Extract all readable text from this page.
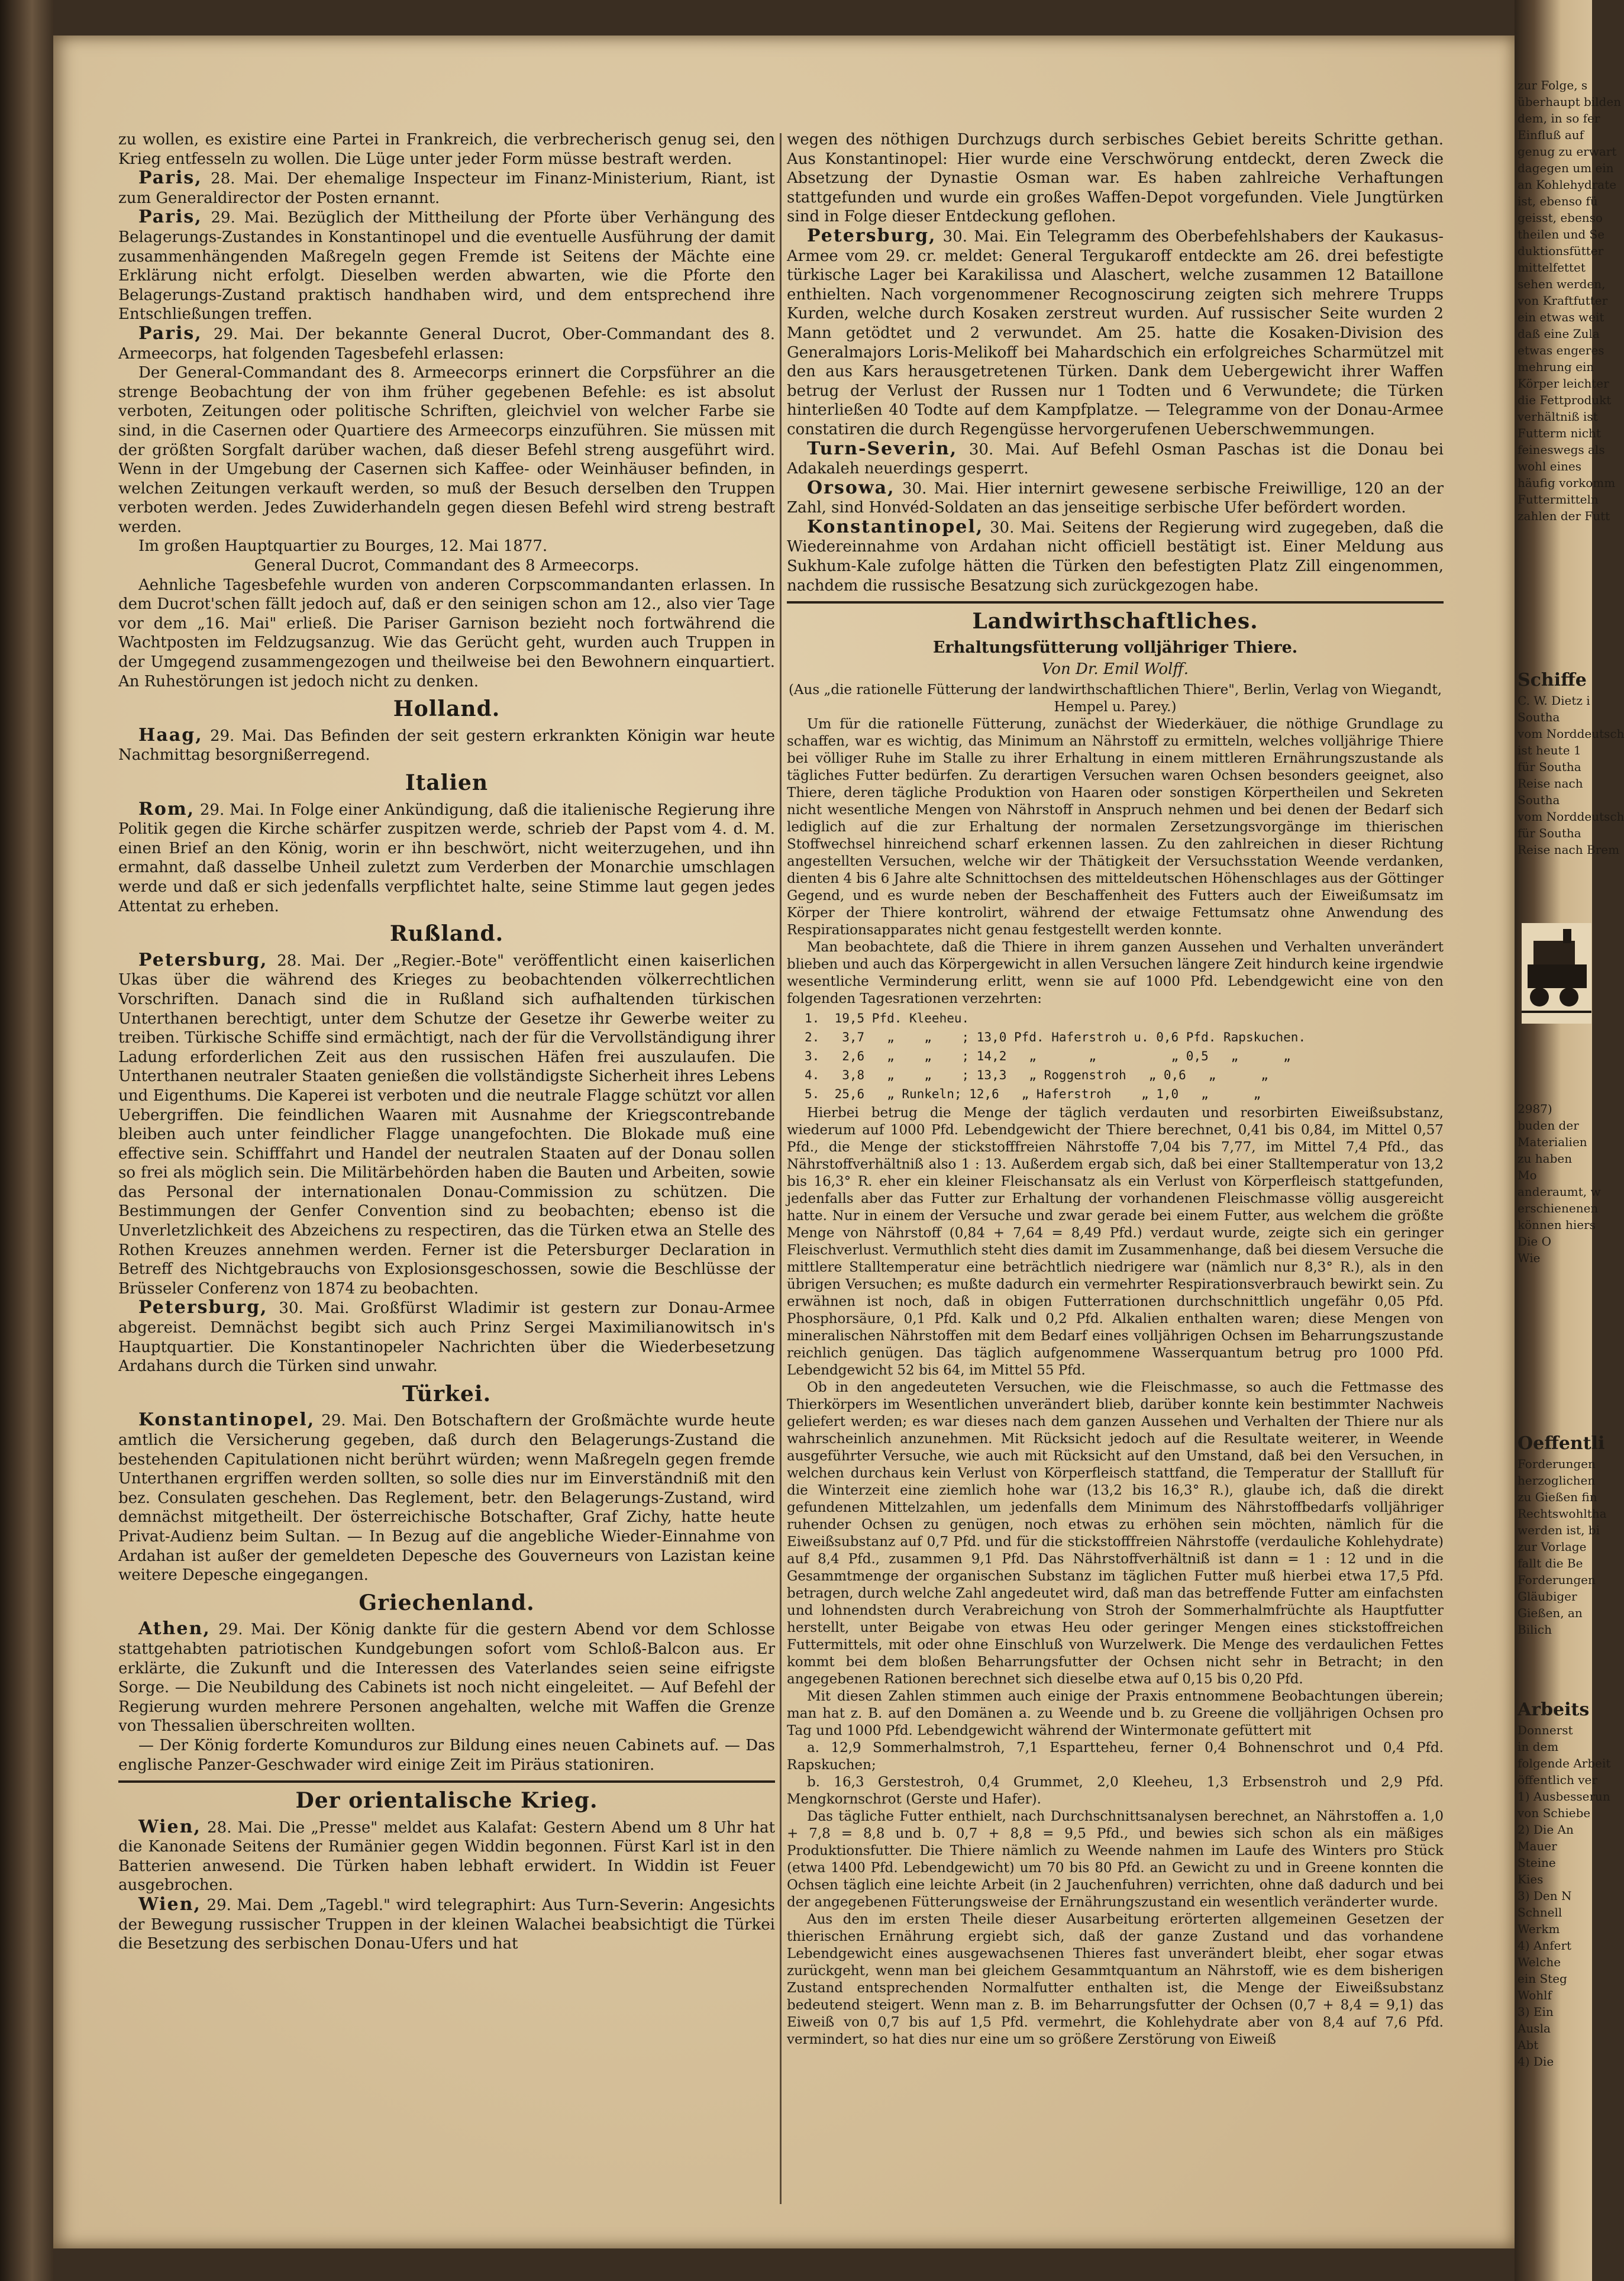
zu wollen, es existire eine Partei in Frankreich, die verbrecherisch genug sei, den Krieg entfesseln zu wollen. Die Lüge unter jeder Form müsse bestraft werden.
Paris, 28. Mai. Der ehemalige Inspecteur im Finanz-Ministerium, Riant, ist zum Generaldirector der Posten ernannt.
Paris, 29. Mai. Bezüglich der Mittheilung der Pforte über Verhängung des Belagerungs-Zustandes in Konstantinopel und die eventuelle Ausführung der damit zusammenhängenden Maßregeln gegen Fremde ist Seitens der Mächte eine Erklärung nicht erfolgt. Dieselben werden abwarten, wie die Pforte den Belagerungs-Zustand praktisch handhaben wird, und dem entsprechend ihre Entschließungen treffen.
Paris, 29. Mai. Der bekannte General Ducrot, Ober-Commandant des 8. Armeecorps, hat folgenden Tagesbefehl erlassen:
Der General-Commandant des 8. Armeecorps erinnert die Corpsführer an die strenge Beobachtung der von ihm früher gegebenen Befehle: es ist absolut verboten, Zeitungen oder politische Schriften, gleichviel von welcher Farbe sie sind, in die Casernen oder Quartiere des Armeecorps einzuführen. Sie müssen mit der größten Sorgfalt darüber wachen, daß dieser Befehl streng ausgeführt wird. Wenn in der Umgebung der Casernen sich Kaffee- oder Weinhäuser befinden, in welchen Zeitungen verkauft werden, so muß der Besuch derselben den Truppen verboten werden. Jedes Zuwiderhandeln gegen diesen Befehl wird streng bestraft werden.
Im großen Hauptquartier zu Bourges, 12. Mai 1877.
General Ducrot, Commandant des 8 Armeecorps.
Aehnliche Tagesbefehle wurden von anderen Corpscommandanten erlassen. In dem Ducrot'schen fällt jedoch auf, daß er den seinigen schon am 12., also vier Tage vor dem „16. Mai" erließ. Die Pariser Garnison bezieht noch fortwährend die Wachtposten im Feldzugsanzug. Wie das Gerücht geht, wurden auch Truppen in der Umgegend zusammengezogen und theilweise bei den Bewohnern einquartiert. An Ruhestörungen ist jedoch nicht zu denken.
Holland.
Haag, 29. Mai. Das Befinden der seit gestern erkrankten Königin war heute Nachmittag besorgnißerregend.
Italien
Rom, 29. Mai. In Folge einer Ankündigung, daß die italienische Regierung ihre Politik gegen die Kirche schärfer zuspitzen werde, schrieb der Papst vom 4. d. M. einen Brief an den König, worin er ihn beschwört, nicht weiterzugehen, und ihn ermahnt, daß dasselbe Unheil zuletzt zum Verderben der Monarchie umschlagen werde und daß er sich jedenfalls verpflichtet halte, seine Stimme laut gegen jedes Attentat zu erheben.
Rußland.
Petersburg, 28. Mai. Der „Regier.-Bote" veröffentlicht einen kaiserlichen Ukas über die während des Krieges zu beobachtenden völkerrechtlichen Vorschriften. Danach sind die in Rußland sich aufhaltenden türkischen Unterthanen berechtigt, unter dem Schutze der Gesetze ihr Gewerbe weiter zu treiben. Türkische Schiffe sind ermächtigt, nach der für die Vervollständigung ihrer Ladung erforderlichen Zeit aus den russischen Häfen frei auszulaufen. Die Unterthanen neutraler Staaten genießen die vollständigste Sicherheit ihres Lebens und Eigenthums. Die Kaperei ist verboten und die neutrale Flagge schützt vor allen Uebergriffen. Die feindlichen Waaren mit Ausnahme der Kriegscontrebande bleiben auch unter feindlicher Flagge unangefochten. Die Blokade muß eine effective sein. Schifffahrt und Handel der neutralen Staaten auf der Donau sollen so frei als möglich sein. Die Militärbehörden haben die Bauten und Arbeiten, sowie das Personal der internationalen Donau-Commission zu schützen. Die Bestimmungen der Genfer Convention sind zu beobachten; ebenso ist die Unverletzlichkeit des Abzeichens zu respectiren, das die Türken etwa an Stelle des Rothen Kreuzes annehmen werden. Ferner ist die Petersburger Declaration in Betreff des Nichtgebrauchs von Explosionsgeschossen, sowie die Beschlüsse der Brüsseler Conferenz von 1874 zu beobachten.
Petersburg, 30. Mai. Großfürst Wladimir ist gestern zur Donau-Armee abgereist. Demnächst begibt sich auch Prinz Sergei Maximilianowitsch in's Hauptquartier. Die Konstantinopeler Nachrichten über die Wiederbesetzung Ardahans durch die Türken sind unwahr.
Türkei.
Konstantinopel, 29. Mai. Den Botschaftern der Großmächte wurde heute amtlich die Versicherung gegeben, daß durch den Belagerungs-Zustand die bestehenden Capitulationen nicht berührt würden; wenn Maßregeln gegen fremde Unterthanen ergriffen werden sollten, so solle dies nur im Einverständniß mit den bez. Consulaten geschehen. Das Reglement, betr. den Belagerungs-Zustand, wird demnächst mitgetheilt. Der österreichische Botschafter, Graf Zichy, hatte heute Privat-Audienz beim Sultan. — In Bezug auf die angebliche Wieder-Einnahme von Ardahan ist außer der gemeldeten Depesche des Gouverneurs von Lazistan keine weitere Depesche eingegangen.
Griechenland.
Athen, 29. Mai. Der König dankte für die gestern Abend vor dem Schlosse stattgehabten patriotischen Kundgebungen sofort vom Schloß-Balcon aus. Er erklärte, die Zukunft und die Interessen des Vaterlandes seien seine eifrigste Sorge. — Die Neubildung des Cabinets ist noch nicht eingeleitet. — Auf Befehl der Regierung wurden mehrere Personen angehalten, welche mit Waffen die Grenze von Thessalien überschreiten wollten.
— Der König forderte Komunduros zur Bildung eines neuen Cabinets auf. — Das englische Panzer-Geschwader wird einige Zeit im Piräus stationiren.
Der orientalische Krieg.
Wien, 28. Mai. Die „Presse" meldet aus Kalafat: Gestern Abend um 8 Uhr hat die Kanonade Seitens der Rumänier gegen Widdin begonnen. Fürst Karl ist in den Batterien anwesend. Die Türken haben lebhaft erwidert. In Widdin ist Feuer ausgebrochen.
Wien, 29. Mai. Dem „Tagebl." wird telegraphirt: Aus Turn-Severin: Angesichts der Bewegung russischer Truppen in der kleinen Walachei beabsichtigt die Türkei die Besetzung des serbischen Donau-Ufers und hat
wegen des nöthigen Durchzugs durch serbisches Gebiet bereits Schritte gethan. Aus Konstantinopel: Hier wurde eine Verschwörung entdeckt, deren Zweck die Absetzung der Dynastie Osman war. Es haben zahlreiche Verhaftungen stattgefunden und wurde ein großes Waffen-Depot vorgefunden. Viele Jungtürken sind in Folge dieser Entdeckung geflohen.
Petersburg, 30. Mai. Ein Telegramm des Oberbefehlshabers der Kaukasus-Armee vom 29. cr. meldet: General Tergukaroff entdeckte am 26. drei befestigte türkische Lager bei Karakilissa und Alaschert, welche zusammen 12 Bataillone enthielten. Nach vorgenommener Recognoscirung zeigten sich mehrere Trupps Kurden, welche durch Kosaken zerstreut wurden. Auf russischer Seite wurden 2 Mann getödtet und 2 verwundet. Am 25. hatte die Kosaken-Division des Generalmajors Loris-Melikoff bei Mahardschich ein erfolgreiches Scharmützel mit den aus Kars herausgetretenen Türken. Dank dem Uebergewicht ihrer Waffen betrug der Verlust der Russen nur 1 Todten und 6 Verwundete; die Türken hinterließen 40 Todte auf dem Kampfplatze. — Telegramme von der Donau-Armee constatiren die durch Regengüsse hervorgerufenen Ueberschwemmungen.
Turn-Severin, 30. Mai. Auf Befehl Osman Paschas ist die Donau bei Adakaleh neuerdings gesperrt.
Orsowa, 30. Mai. Hier internirt gewesene serbische Freiwillige, 120 an der Zahl, sind Honvéd-Soldaten an das jenseitige serbische Ufer befördert worden.
Konstantinopel, 30. Mai. Seitens der Regierung wird zugegeben, daß die Wiedereinnahme von Ardahan nicht officiell bestätigt ist. Einer Meldung aus Sukhum-Kale zufolge hätten die Türken den befestigten Platz Zill eingenommen, nachdem die russische Besatzung sich zurückgezogen habe.
Landwirthschaftliches.
Erhaltungsfütterung volljähriger Thiere.
Von Dr. Emil Wolff.
(Aus „die rationelle Fütterung der landwirthschaftlichen Thiere", Berlin, Verlag von Wiegandt, Hempel u. Parey.)
Um für die rationelle Fütterung, zunächst der Wiederkäuer, die nöthige Grundlage zu schaffen, war es wichtig, das Minimum an Nährstoff zu ermitteln, welches volljährige Thiere bei völliger Ruhe im Stalle zu ihrer Erhaltung in einem mittleren Ernährungszustande als tägliches Futter bedürfen. Zu derartigen Versuchen waren Ochsen besonders geeignet, also Thiere, deren tägliche Produktion von Haaren oder sonstigen Körpertheilen und Sekreten nicht wesentliche Mengen von Nährstoff in Anspruch nehmen und bei denen der Bedarf sich lediglich auf die zur Erhaltung der normalen Zersetzungsvorgänge im thierischen Stoffwechsel hinreichend scharf erkennen lassen. Zu den zahlreichen in dieser Richtung angestellten Versuchen, welche wir der Thätigkeit der Versuchsstation Weende verdanken, dienten 4 bis 6 Jahre alte Schnittochsen des mitteldeutschen Höhenschlages aus der Göttinger Gegend, und es wurde neben der Beschaffenheit des Futters auch der Eiweißumsatz im Körper der Thiere kontrolirt, während der etwaige Fettumsatz ohne Anwendung des Respirationsapparates nicht genau festgestellt werden konnte.
Man beobachtete, daß die Thiere in ihrem ganzen Aussehen und Verhalten unverändert blieben und auch das Körpergewicht in allen Versuchen längere Zeit hindurch keine irgendwie wesentliche Verminderung erlitt, wenn sie auf 1000 Pfd. Lebendgewicht eine von den folgenden Tagesrationen verzehrten:
1.  19,5 Pfd. Kleeheu.
2.   3,7   „    „    ; 13,0 Pfd. Haferstroh u. 0,6 Pfd. Rapskuchen.
3.   2,6   „    „    ; 14,2   „       „          „ 0,5   „      „
4.   3,8   „    „    ; 13,3   „ Roggenstroh   „ 0,6   „      „
5.  25,6   „ Runkeln; 12,6   „ Haferstroh    „ 1,0   „      „
Hierbei betrug die Menge der täglich verdauten und resorbirten Eiweißsubstanz, wiederum auf 1000 Pfd. Lebendgewicht der Thiere berechnet, 0,41 bis 0,84, im Mittel 0,57 Pfd., die Menge der stickstofffreien Nährstoffe 7,04 bis 7,77, im Mittel 7,4 Pfd., das Nährstoffverhältniß also 1 : 13. Außerdem ergab sich, daß bei einer Stalltemperatur von 13,2 bis 16,3° R. eher ein kleiner Fleischansatz als ein Verlust von Körperfleisch stattgefunden, jedenfalls aber das Futter zur Erhaltung der vorhandenen Fleischmasse völlig ausgereicht hatte. Nur in einem der Versuche und zwar gerade bei einem Futter, aus welchem die größte Menge von Nährstoff (0,84 + 7,64 = 8,49 Pfd.) verdaut wurde, zeigte sich ein geringer Fleischverlust. Vermuthlich steht dies damit im Zusammenhange, daß bei diesem Versuche die mittlere Stalltemperatur eine beträchtlich niedrigere war (nämlich nur 8,3° R.), als in den übrigen Versuchen; es mußte dadurch ein vermehrter Respirationsverbrauch bewirkt sein. Zu erwähnen ist noch, daß in obigen Futterrationen durchschnittlich ungefähr 0,05 Pfd. Phosphorsäure, 0,1 Pfd. Kalk und 0,2 Pfd. Alkalien enthalten waren; diese Mengen von mineralischen Nährstoffen mit dem Bedarf eines volljährigen Ochsen im Beharrungszustande reichlich genügen. Das täglich aufgenommene Wasserquantum betrug pro 1000 Pfd. Lebendgewicht 52 bis 64, im Mittel 55 Pfd.
Ob in den angedeuteten Versuchen, wie die Fleischmasse, so auch die Fettmasse des Thierkörpers im Wesentlichen unverändert blieb, darüber konnte kein bestimmter Nachweis geliefert werden; es war dieses nach dem ganzen Aussehen und Verhalten der Thiere nur als wahrscheinlich anzunehmen. Mit Rücksicht jedoch auf die Resultate weiterer, in Weende ausgeführter Versuche, wie auch mit Rücksicht auf den Umstand, daß bei den Versuchen, in welchen durchaus kein Verlust von Körperfleisch stattfand, die Temperatur der Stallluft für die Winterzeit eine ziemlich hohe war (13,2 bis 16,3° R.), glaube ich, daß die direkt gefundenen Mittelzahlen, um jedenfalls dem Minimum des Nährstoffbedarfs volljähriger ruhender Ochsen zu genügen, noch etwas zu erhöhen sein möchten, nämlich für die Eiweißsubstanz auf 0,7 Pfd. und für die stickstofffreien Nährstoffe (verdauliche Kohlehydrate) auf 8,4 Pfd., zusammen 9,1 Pfd. Das Nährstoffverhältniß ist dann = 1 : 12 und in die Gesammtmenge der organischen Substanz im täglichen Futter muß hierbei etwa 17,5 Pfd. betragen, durch welche Zahl angedeutet wird, daß man das betreffende Futter am einfachsten und lohnendsten durch Verabreichung von Stroh der Sommerhalmfrüchte als Hauptfutter herstellt, unter Beigabe von etwas Heu oder geringer Mengen eines stickstoffreichen Futtermittels, mit oder ohne Einschluß von Wurzelwerk. Die Menge des verdaulichen Fettes kommt bei dem bloßen Beharrungsfutter der Ochsen nicht sehr in Betracht; in den angegebenen Rationen berechnet sich dieselbe etwa auf 0,15 bis 0,20 Pfd.
Mit diesen Zahlen stimmen auch einige der Praxis entnommene Beobachtungen überein; man hat z. B. auf den Domänen a. zu Weende und b. zu Greene die volljährigen Ochsen pro Tag und 1000 Pfd. Lebendgewicht während der Wintermonate gefüttert mit
a. 12,9 Sommerhalmstroh, 7,1 Espartteheu, ferner 0,4 Bohnenschrot und 0,4 Pfd. Rapskuchen;
b. 16,3 Gerstestroh, 0,4 Grummet, 2,0 Kleeheu, 1,3 Erbsenstroh und 2,9 Pfd. Mengkornschrot (Gerste und Hafer).
Das tägliche Futter enthielt, nach Durchschnittsanalysen berechnet, an Nährstoffen a. 1,0 + 7,8 = 8,8 und b. 0,7 + 8,8 = 9,5 Pfd., und bewies sich schon als ein mäßiges Produktionsfutter. Die Thiere nämlich zu Weende nahmen im Laufe des Winters pro Stück (etwa 1400 Pfd. Lebendgewicht) um 70 bis 80 Pfd. an Gewicht zu und in Greene konnten die Ochsen täglich eine leichte Arbeit (in 2 Jauchenfuhren) verrichten, ohne daß dadurch und bei der angegebenen Fütterungsweise der Ernährungszustand ein wesentlich veränderter wurde.
Aus den im ersten Theile dieser Ausarbeitung erörterten allgemeinen Gesetzen der thierischen Ernährung ergiebt sich, daß der ganze Zustand und das vorhandene Lebendgewicht eines ausgewachsenen Thieres fast unverändert bleibt, eher sogar etwas zurückgeht, wenn man bei gleichem Gesammtquantum an Nährstoff, wie es dem bisherigen Zustand entsprechenden Normalfutter enthalten ist, die Menge der Eiweißsubstanz bedeutend steigert. Wenn man z. B. im Beharrungsfutter der Ochsen (0,7 + 8,4 = 9,1) das Eiweiß von 0,7 bis auf 1,5 Pfd. vermehrt, die Kohlehydrate aber von 8,4 auf 7,6 Pfd. vermindert, so hat dies nur eine um so größere Zerstörung von Eiweiß
zur Folge, s
überhaupt bilden
dem, in so fer
Einfluß auf
genug zu erwart
dagegen um ein
an Kohlehydrate
ist, ebenso fü
geisst, ebenso
theilen und Se
duktionsfütter
mittelfettet
sehen werden,
von Kraftfutter
ein etwas weit
daß eine Zula
etwas engeres
mehrung ein
Körper leichter
die Fettprodukt
verhältniß ist
Futterm nicht
feineswegs als
wohl eines
häufig vorkomm
Futtermitteln
zahlen der Futt
Schiffe
C. W. Dietz i
Southa
vom Norddeutsch
ist heute 1
für Southa
Reise nach
Southa
vom Norddeutsch
für Southa
Reise nach Brem
2987)
buden der
Materialien
zu haben
Mo
anderaumt, w
erschienenen
können hiers
Die O
Wie
Oeffentli
Forderungen
herzoglichen
zu Gießen fin
Rechtswohltha
werden ist, bi
zur Vorlage
fallt die Be
Forderungen
Gläubiger
Gießen, an
Bilich
Arbeits
Donnerst
in dem
folgende Arbeit
öffentlich ver
1) Ausbesserun
von Schiebe
2) Die An
Mauer
Steine
Kies
3) Den N
Schnell
Werkm
4) Anfert
Welche
ein Steg
Wohlf
3) Ein
Ausla
Abt
4) Die
